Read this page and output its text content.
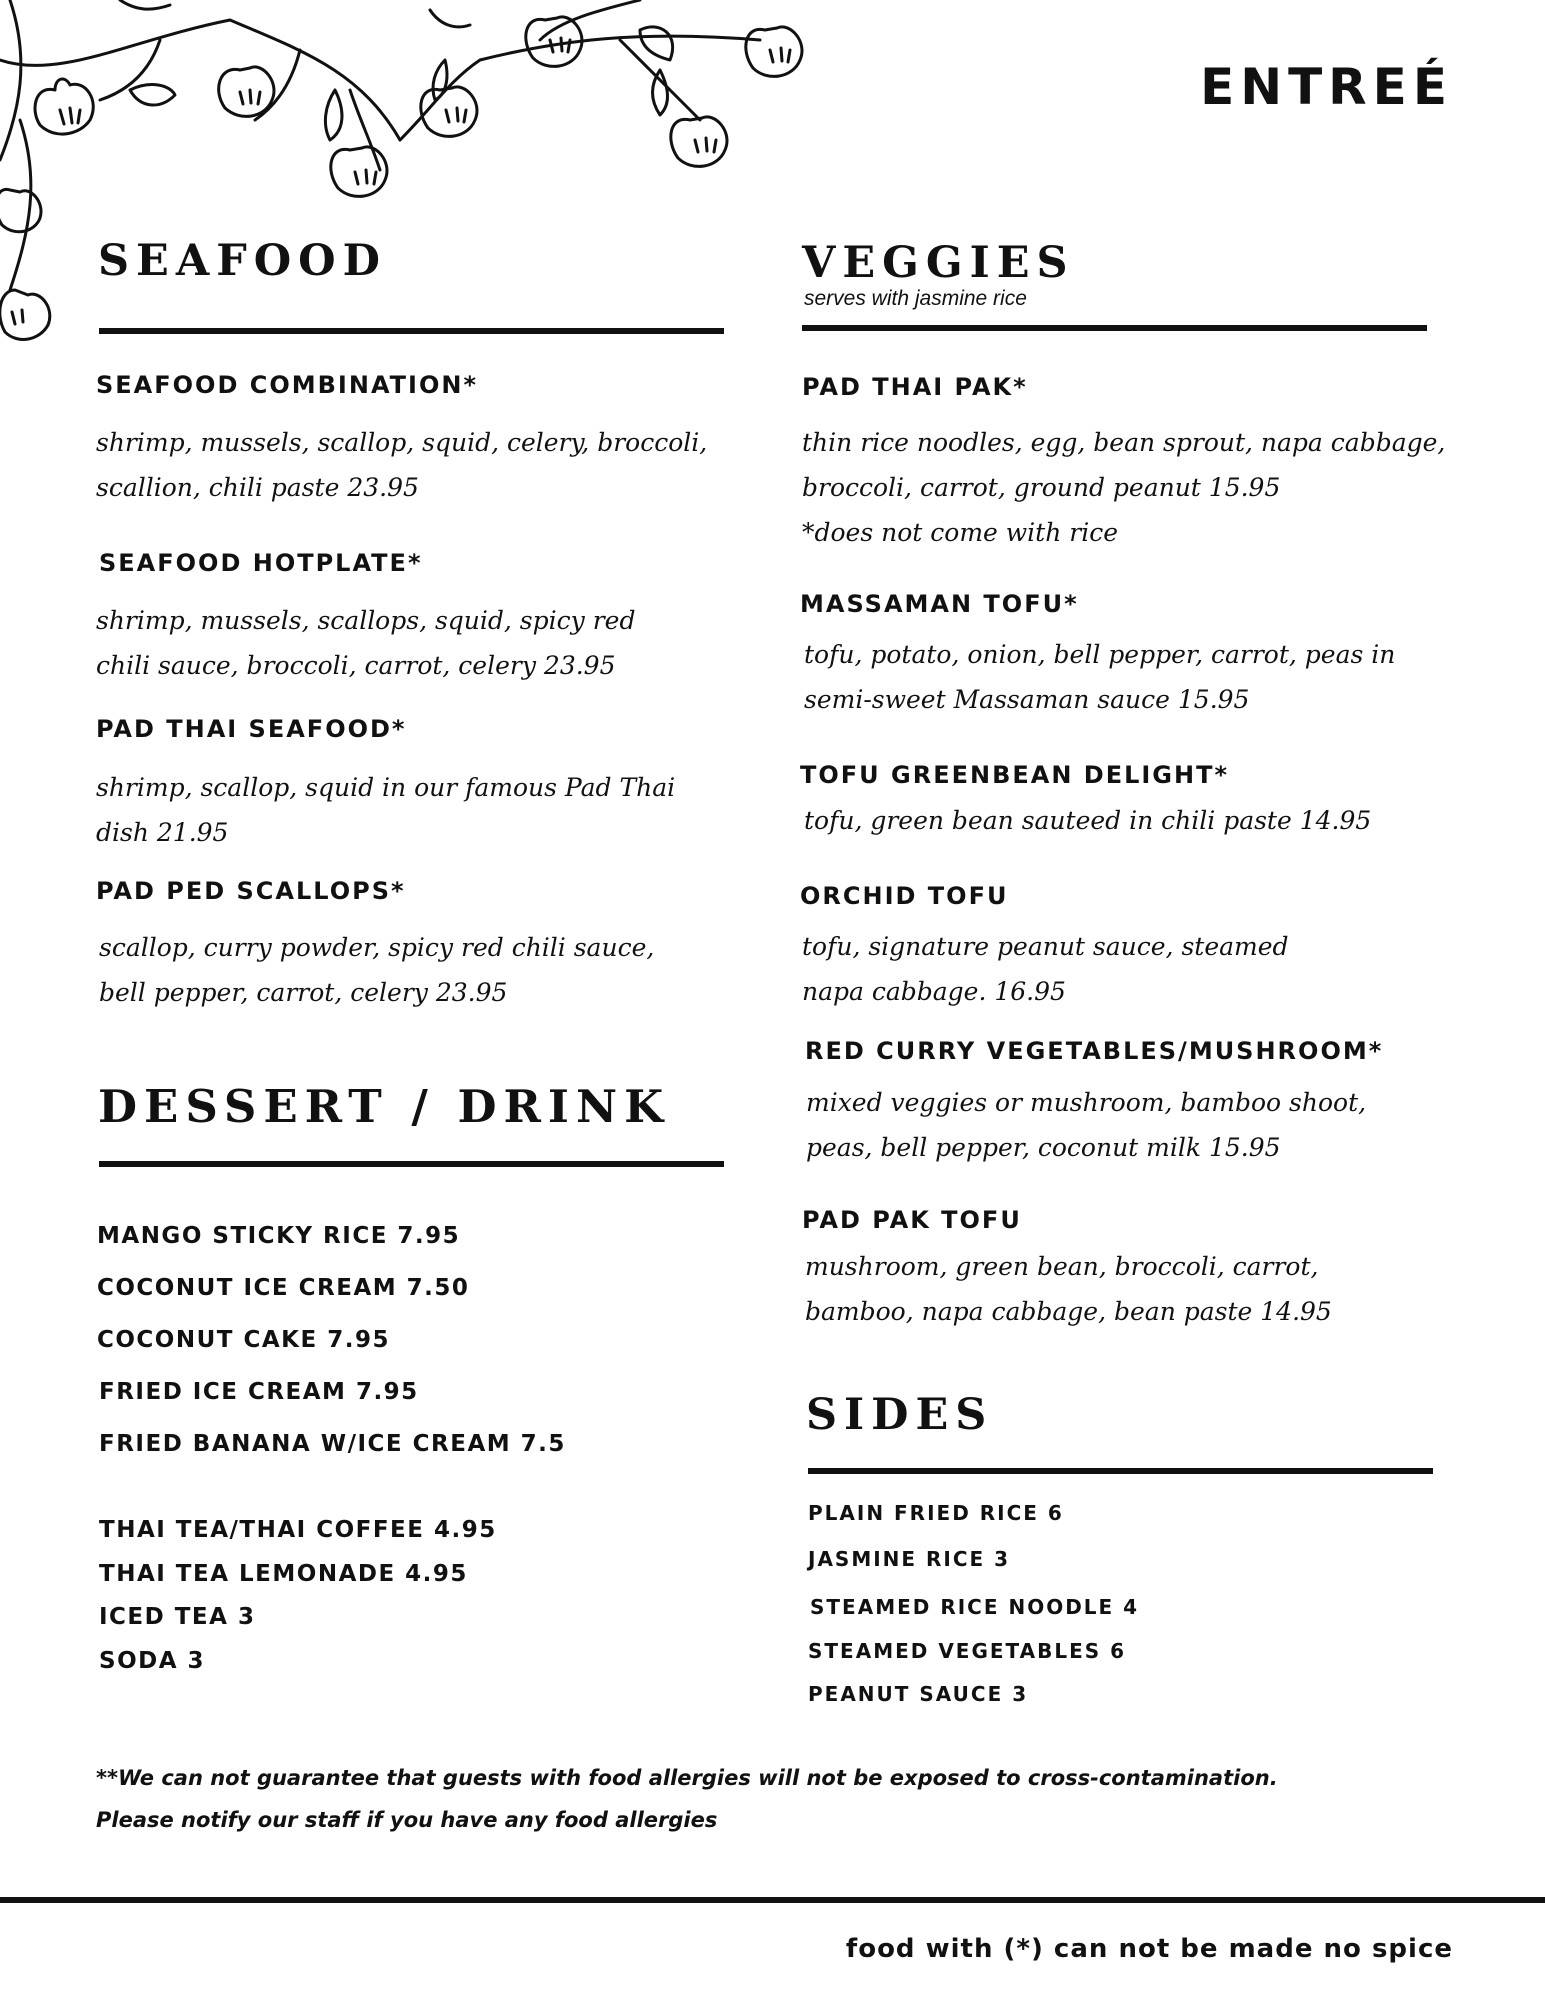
ENTREÉ
SEAFOOD
SEAFOOD COMBINATION*
shrimp, mussels, scallop, squid, celery, broccoli,
scallion, chili paste 23.95
SEAFOOD HOTPLATE*
shrimp, mussels, scallops, squid, spicy red
chili sauce, broccoli, carrot, celery 23.95
PAD THAI SEAFOOD*
shrimp, scallop, squid in our famous Pad Thai
dish 21.95
PAD PED SCALLOPS*
scallop, curry powder, spicy red chili sauce,
bell pepper, carrot, celery 23.95
DESSERT / DRINK
MANGO STICKY RICE 7.95
COCONUT ICE CREAM 7.50
COCONUT CAKE 7.95
FRIED ICE CREAM 7.95
FRIED BANANA W/ICE CREAM 7.5
THAI TEA/THAI COFFEE 4.95
THAI TEA LEMONADE 4.95
ICED TEA 3
SODA 3
VEGGIES
serves with jasmine rice
PAD THAI PAK*
thin rice noodles, egg, bean sprout, napa cabbage,
broccoli, carrot, ground peanut 15.95
*does not come with rice
MASSAMAN TOFU*
tofu, potato, onion, bell pepper, carrot, peas in
semi-sweet Massaman sauce 15.95
TOFU GREENBEAN DELIGHT*
tofu, green bean sauteed in chili paste 14.95
ORCHID TOFU
tofu, signature peanut sauce, steamed
napa cabbage. 16.95
RED CURRY VEGETABLES/MUSHROOM*
mixed veggies or mushroom, bamboo shoot,
peas, bell pepper, coconut milk 15.95
PAD PAK TOFU
mushroom, green bean, broccoli, carrot,
bamboo, napa cabbage, bean paste 14.95
SIDES
PLAIN FRIED RICE 6
JASMINE RICE 3
STEAMED RICE NOODLE 4
STEAMED VEGETABLES 6
PEANUT SAUCE 3
**We can not guarantee that guests with food allergies will not be exposed to cross-contamination.
Please notify our staff if you have any food allergies
food with (*) can not be made no spice
